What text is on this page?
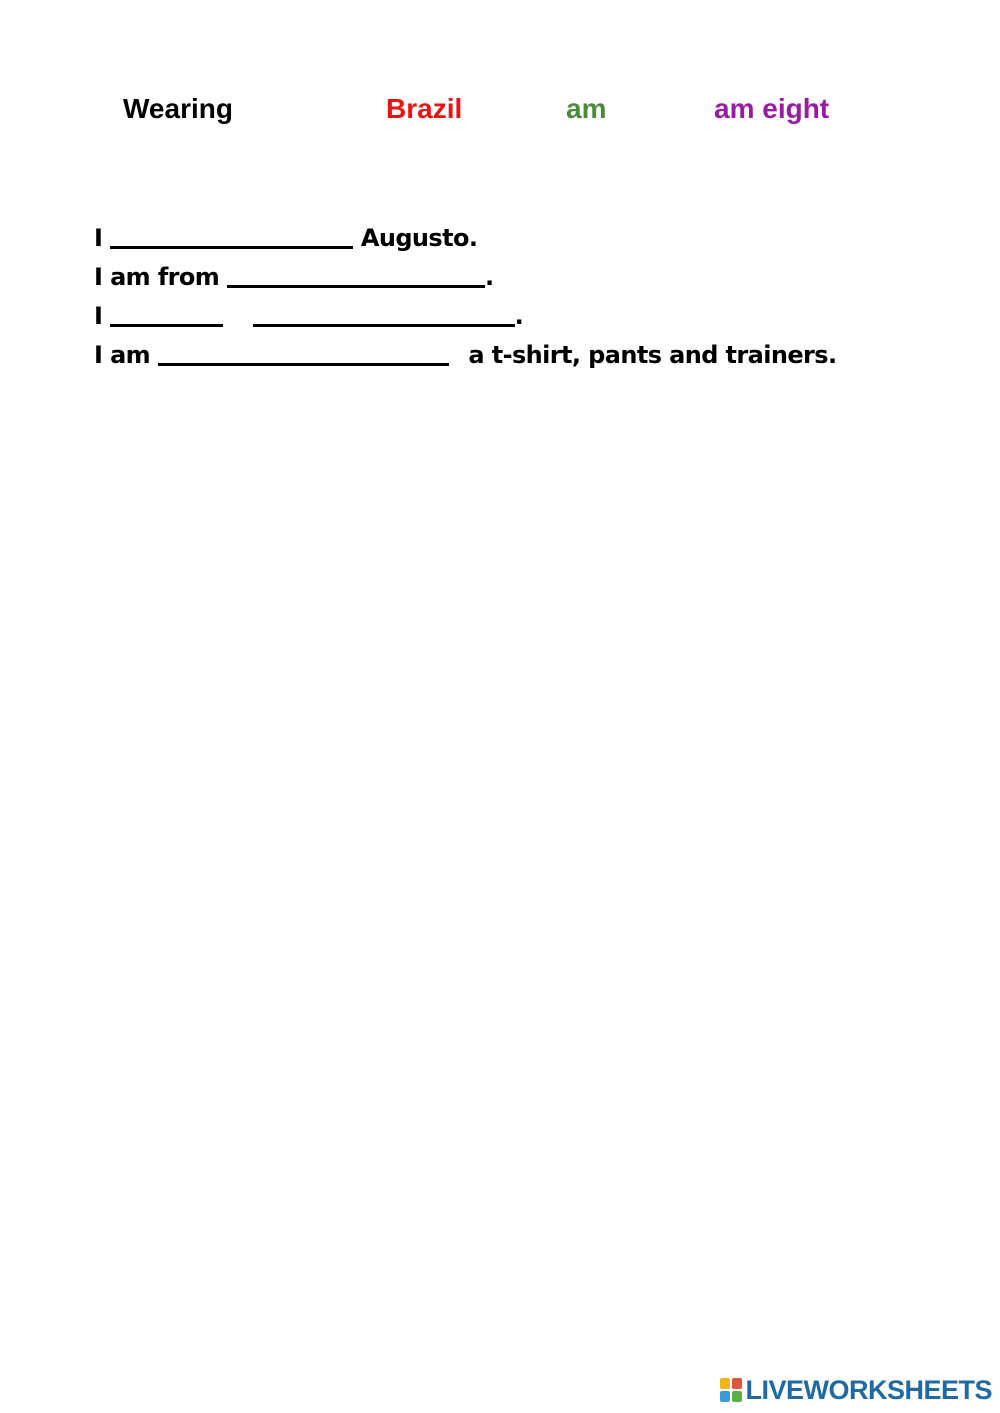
Wearing	Brazil	am	am eight
I	Augusto.
I am from	.
I	.
I am	a t-shirt, pants and trainers.
LIVEWORKSHEETS
